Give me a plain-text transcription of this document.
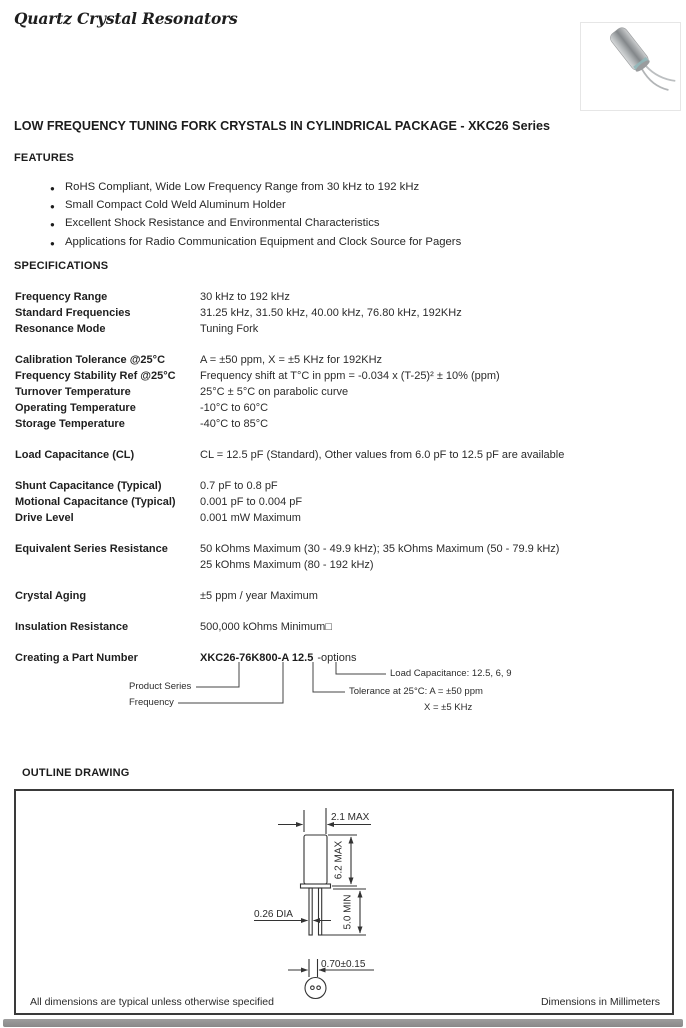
Quartz Crystal Resonators
LOW FREQUENCY TUNING FORK CRYSTALS IN CYLINDRICAL PACKAGE - XKC26 Series
FEATURES
● RoHS Compliant, Wide Low Frequency Range from 30 kHz to 192 kHz
● Small Compact Cold Weld Aluminum Holder
● Excellent Shock Resistance and Environmental Characteristics
● Applications for Radio Communication Equipment and Clock Source for Pagers
SPECIFICATIONS
Frequency Range	30 kHz to 192 kHz
Standard Frequencies	31.25 kHz, 31.50 kHz, 40.00 kHz, 76.80 kHz, 192KHz
Resonance Mode	Tuning Fork
Calibration Tolerance @25°C	A = ±50 ppm, X = ±5 KHz for 192KHz
Frequency Stability Ref @25°C	Frequency shift at T°C in ppm = -0.034 x (T-25)² ± 10% (ppm)
Turnover Temperature	25°C ± 5°C on parabolic curve
Operating Temperature	-10°C to 60°C
Storage Temperature	-40°C to 85°C
Load Capacitance (CL)	CL = 12.5 pF (Standard), Other values from 6.0 pF to 12.5 pF are available
Shunt Capacitance (Typical)	0.7 pF to 0.8 pF
Motional Capacitance (Typical)	0.001 pF to 0.004 pF
Drive Level	0.001 mW Maximum
Equivalent Series Resistance	50 kOhms Maximum (30 - 49.9 kHz); 35 kOhms Maximum (50 - 79.9 kHz)
25 kOhms Maximum (80 - 192 kHz)
Crystal Aging	±5 ppm / year Maximum
Insulation Resistance	500,000 kOhms Minimum□
Creating a Part Number	XKC26-76K800-A 12.5 -options
Product Series
Frequency
Load Capacitance: 12.5, 6, 9
Tolerance at 25°C: A = ±50 ppm
X = ±5 KHz
OUTLINE DRAWING
2.1 MAX
6.2 MAX
5.0 MIN
0.26 DIA
0.70±0.15
All dimensions are typical unless otherwise specified	Dimensions in Millimeters
